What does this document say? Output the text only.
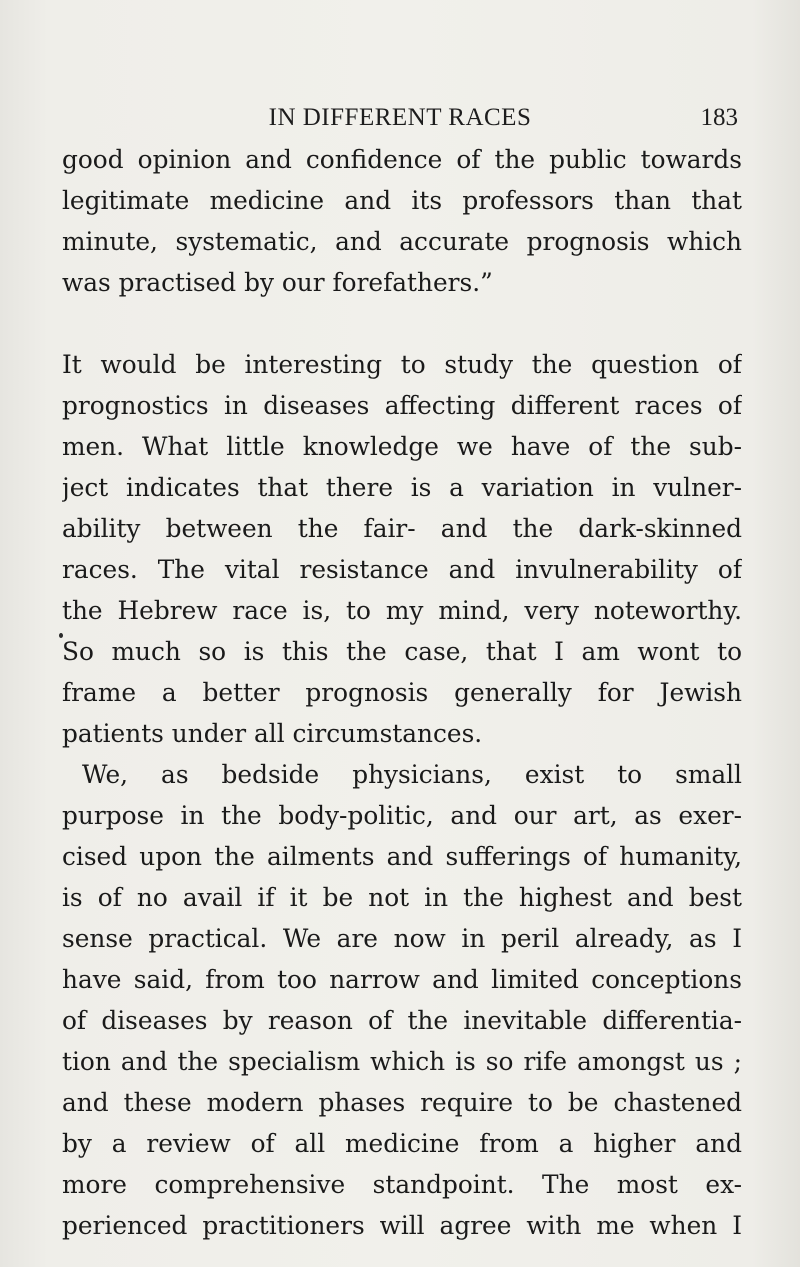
IN DIFFERENT RACES	183
good opinion and confidence of the public towards
legitimate medicine and its professors than that
minute, systematic, and accurate prognosis which
was practised by our forefathers.”
It would be interesting to study the question of
prognostics in diseases affecting different races of
men. What little knowledge we have of the sub-
ject indicates that there is a variation in vulner-
ability between the fair- and the dark-skinned
races. The vital resistance and invulnerability of
the Hebrew race is, to my mind, very noteworthy.
So much so is this the case, that I am wont to
frame a better prognosis generally for Jewish
patients under all circumstances.
We, as bedside physicians, exist to small
purpose in the body-politic, and our art, as exer-
cised upon the ailments and sufferings of humanity,
is of no avail if it be not in the highest and best
sense practical. We are now in peril already, as I
have said, from too narrow and limited conceptions
of diseases by reason of the inevitable differentia-
tion and the specialism which is so rife amongst us ;
and these modern phases require to be chastened
by a review of all medicine from a higher and
more comprehensive standpoint. The most ex-
perienced practitioners will agree with me when I
